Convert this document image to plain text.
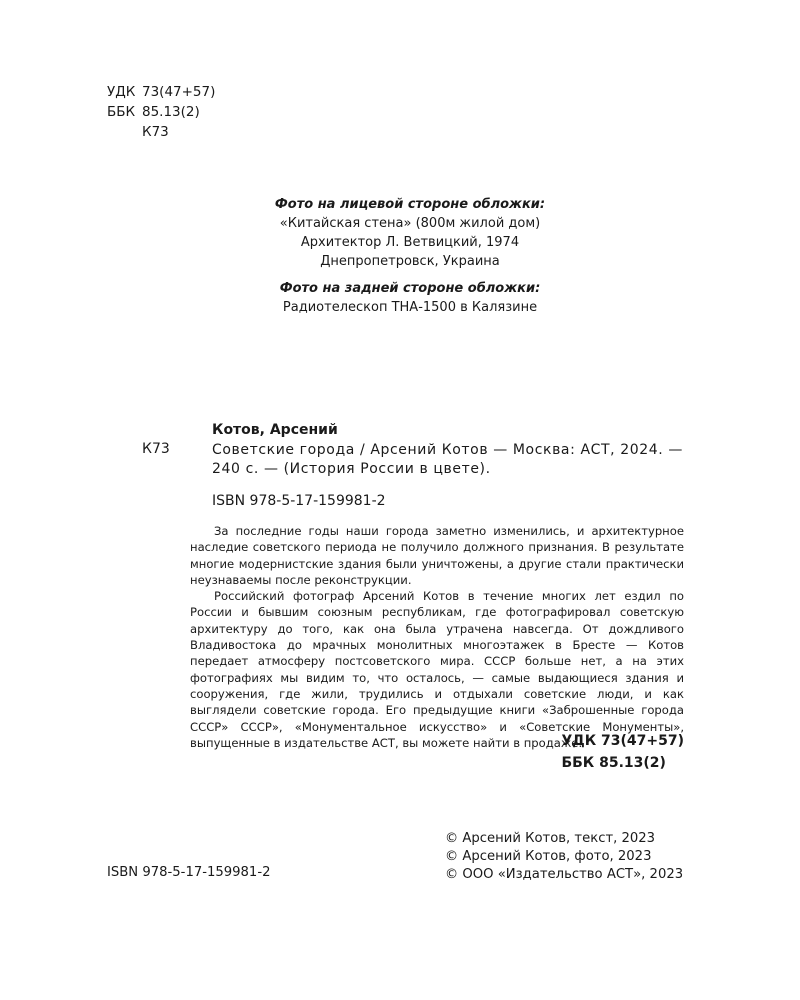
УДК 73(47+57)
ББК 85.13(2)
К73
Фото на лицевой стороне обложки:
«Китайская стена» (800м жилой дом)
Архитектор Л. Ветвицкий, 1974
Днепропетровск, Украина
Фото на задней стороне обложки:
Радиотелескоп ТНА-1500 в Калязине
Котов, Арсений
К73	Советские города / Арсений Котов — Москва: АСТ, 2024. —
240 с. — (История России в цвете).
ISBN 978-5-17-159981-2

За последние годы наши города заметно изменились, и архитектурное наследие советского периода не получило должного признания. В результате многие модернистские здания были уничтожены, а другие стали практически неузнаваемы после реконструкции.

Российский фотограф Арсений Котов в течение многих лет ездил по России и бывшим союзным республикам, где фотографировал советскую архитектуру до того, как она была утрачена навсегда. От дождливого Владивостока до мрачных монолитных многоэтажек в Бресте — Котов передает атмосферу постсоветского мира. СССР больше нет, а на этих фотографиях мы видим то, что осталось, — самые выдающиеся здания и сооружения, где жили, трудились и отдыхали советские люди, и как выглядели советские города. Его предыдущие книги «Заброшенные города СССР» СССР», «Монументальное искусство» и «Советские Монументы», выпущенные в издательстве АСТ, вы можете найти в продаже.

УДК 73(47+57)
ББК 85.13(2)
© Арсений Котов, текст, 2023
© Арсений Котов, фото, 2023
© ООО «Издательство АСТ», 2023
ISBN 978-5-17-159981-2
